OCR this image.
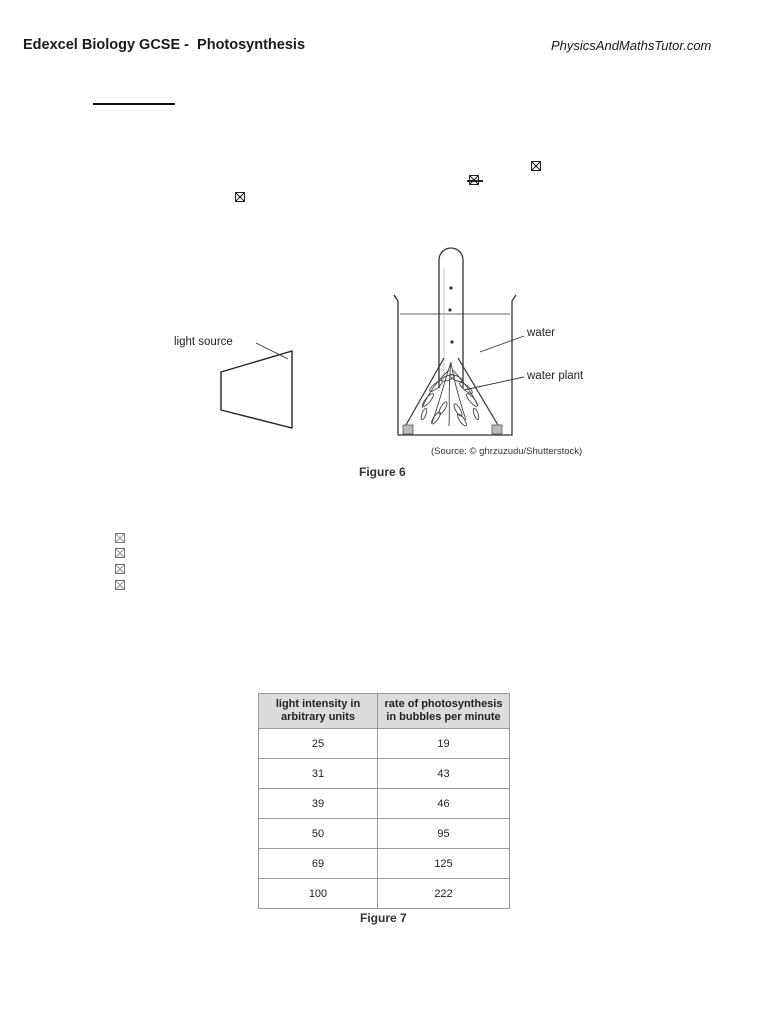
Edexcel Biology GCSE -  Photosynthesis	PhysicsAndMathsTutor.com
light source
water
water plant
(Source: © ghrzuzudu/Shutterstock)
Figure 6
light intensity in arbitrary units	rate of photosynthesis in bubbles per minute
25	19
31	43
39	46
50	95
69	125
100	222
Figure 7
